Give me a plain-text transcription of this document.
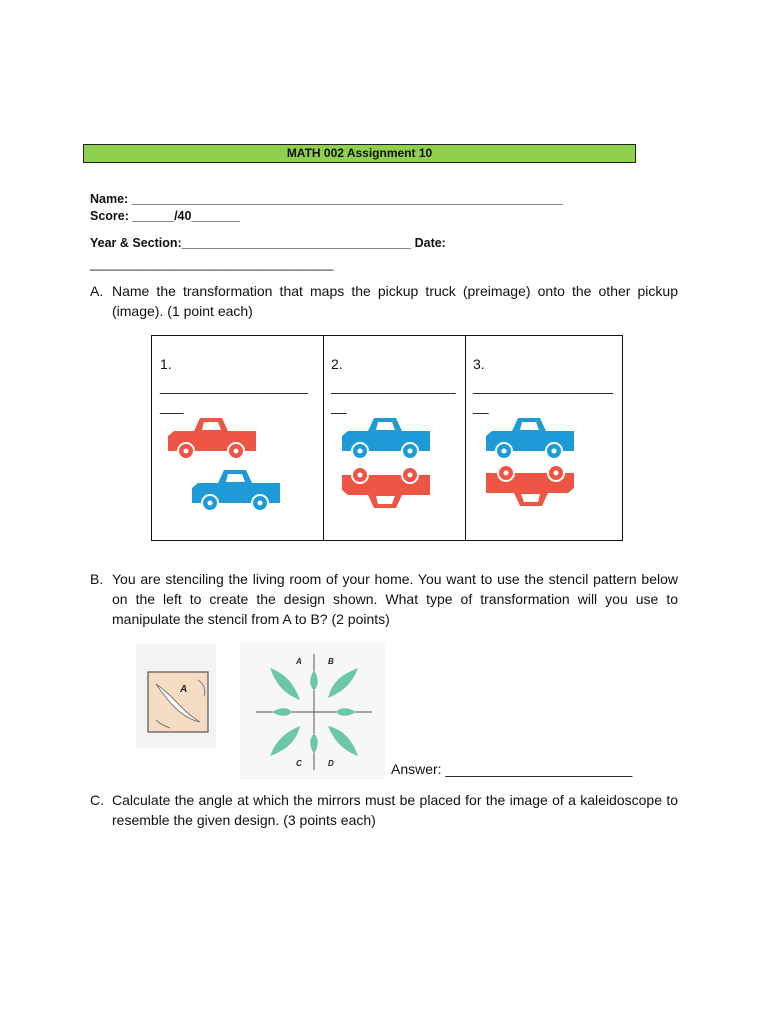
MATH 002 Assignment 10
Name: ______________________________________________________________
Score: ______/40_______
Year & Section:_________________________________ Date:
___________________________________
A. Name the transformation that maps the pickup truck (preimage) onto the other pickup (image). (1 point each)
1.
___________________
___
2.
________________
__
3.
__________________
__
B. You are stenciling the living room of your home. You want to use the stencil pattern below on the left to create the design shown. What type of transformation will you use to manipulate the stencil from A to B? (2 points)
A
A	B
C	D	Answer: ________________________
C. Calculate the angle at which the mirrors must be placed for the image of a kaleidoscope to resemble the given design. (3 points each)
